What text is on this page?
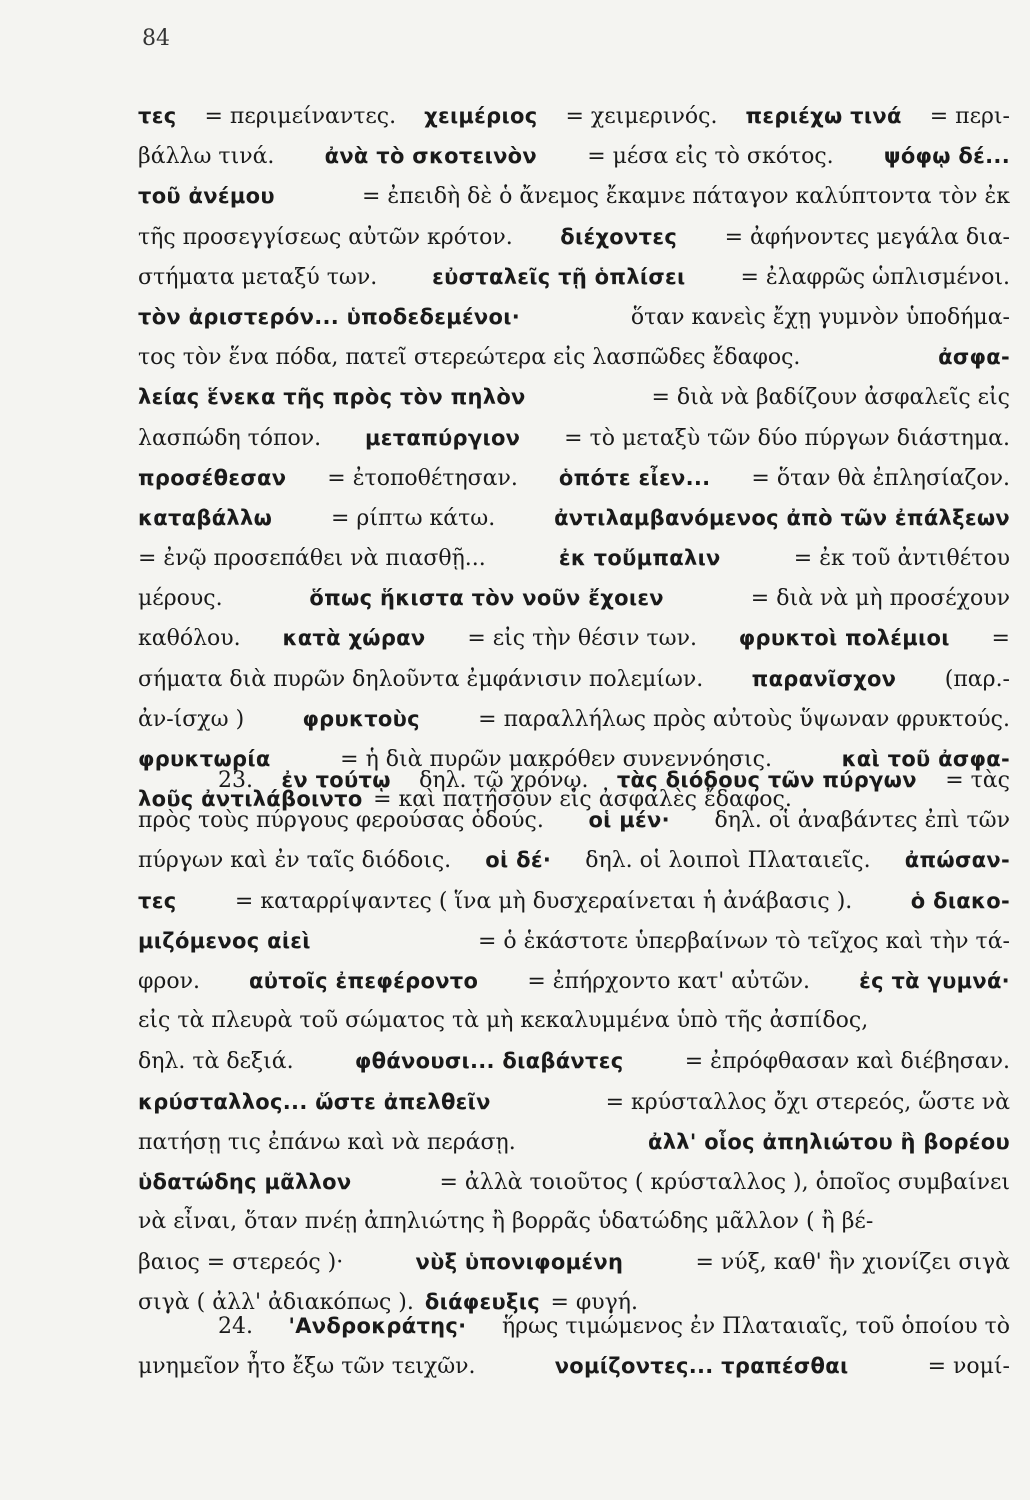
84
τες = περιμείναντες. χειμέριος = χειμερινός. περιέχω τινά = περι-
βάλλω τινά. ἀνὰ τὸ σκοτεινὸν = μέσα εἰς τὸ σκότος. ψόφῳ δέ...
τοῦ ἀνέμου	= ἐπειδὴ δὲ ὁ ἄνεμος ἔκαμνε πάταγον καλύπτοντα τὸν ἐκ
τῆς προσεγγίσεως αὐτῶν κρότον. διέχοντες = ἀφήνοντες μεγάλα δια-
στήματα μεταξύ των.	εὐσταλεῖς τῇ ὁπλίσει = ἐλαφρῶς ὡπλισμένοι.
τὸν ἀριστερόν... ὑποδεδεμένοι·	ὅταν κανεὶς ἔχῃ γυμνὸν ὑποδήμα-
τος τὸν ἕνα πόδα, πατεῖ στερεώτερα εἰς λασπῶδες ἔδαφος.	ἀσφα-
λείας ἕνεκα τῆς πρὸς τὸν πηλὸν	= διὰ νὰ βαδίζουν ἀσφαλεῖς εἰς
λασπώδη τόπον. μεταπύργιον = τὸ μεταξὺ τῶν δύο πύργων διάστημα.
προσέθεσαν = ἐτοποθέτησαν. ὁπότε εἶεν... = ὅταν θὰ ἐπλησίαζον.
καταβάλλω	= ρίπτω κάτω.	ἀντιλαμβανόμενος ἀπὸ τῶν ἐπάλξεων
= ἐνῷ προσεπάθει νὰ πιασθῇ...	ἐκ τοὔμπαλιν	= ἐκ τοῦ ἀντιθέτου
μέρους.	ὅπως ἥκιστα τὸν νοῦν ἔχοιεν	= διὰ νὰ μὴ προσέχουν
καθόλου. κατὰ χώραν = εἰς τὴν θέσιν των. φρυκτοὶ πολέμιοι =
σήματα διὰ πυρῶν δηλοῦντα ἐμφάνισιν πολεμίων. παρανῖσχον (παρ.-
ἀν-ίσχω )	φρυκτοὺς	= παραλλήλως πρὸς αὐτοὺς ὕψωναν φρυκτούς.
φρυκτωρία	= ἡ διὰ πυρῶν μακρόθεν συνεννόησις.	καὶ τοῦ ἀσφα-
λοῦς ἀντιλάβοιντο = καὶ πατήσουν εἰς ἀσφαλὲς ἔδαφος.
23. ἐν τούτῳ δηλ. τῷ χρόνῳ. τὰς διόδους τῶν πύργων = τὰς
πρὸς τοὺς πύργους φερούσας ὁδούς. οἱ μέν· δηλ. οἱ ἀναβάντες ἐπὶ τῶν
πύργων καὶ ἐν ταῖς διόδοις. οἱ δέ· δηλ. οἱ λοιποὶ Πλαταιεῖς. ἀπώσαν-
τες	= καταρρίψαντες ( ἵνα μὴ δυσχεραίνεται ἡ ἀνάβασις ).	ὁ διακο-
μιζόμενος αἰεὶ	= ὁ ἑκάστοτε ὑπερβαίνων τὸ τεῖχος καὶ τὴν τά-
φρον. αὐτοῖς ἐπεφέροντο = ἐπήρχοντο κατ' αὐτῶν. ἐς τὰ γυμνά·
εἰς τὰ πλευρὰ τοῦ σώματος τὰ μὴ κεκαλυμμένα ὑπὸ τῆς ἀσπίδος,
δηλ. τὰ δεξιά.	φθάνουσι... διαβάντες	= ἐπρόφθασαν καὶ διέβησαν.
κρύσταλλος... ὥστε ἀπελθεῖν	= κρύσταλλος ὄχι στερεός, ὥστε νὰ
πατήσῃ τις ἐπάνω καὶ νὰ περάσῃ.	ἀλλ' οἷος ἀπηλιώτου ἢ βορέου
ὑδατώδης μᾶλλον	= ἀλλὰ τοιοῦτος ( κρύσταλλος ), ὁποῖος συμβαίνει
νὰ εἶναι, ὅταν πνέῃ ἀπηλιώτης ἢ βορρᾶς ὑδατώδης μᾶλλον ( ἢ βέ-
βαιος = στερεός )·	νὺξ ὑπονιφομένη	= νύξ, καθ' ἣν χιονίζει σιγὰ
σιγὰ ( ἀλλ' ἀδιακόπως ). διάφευξις = φυγή.
24. 'Ανδροκράτης· ἥρως τιμώμενος ἐν Πλαταιαῖς, τοῦ ὁποίου τὸ
μνημεῖον ἦτο ἔξω τῶν τειχῶν.	νομίζοντες... τραπέσθαι	= νομί-
